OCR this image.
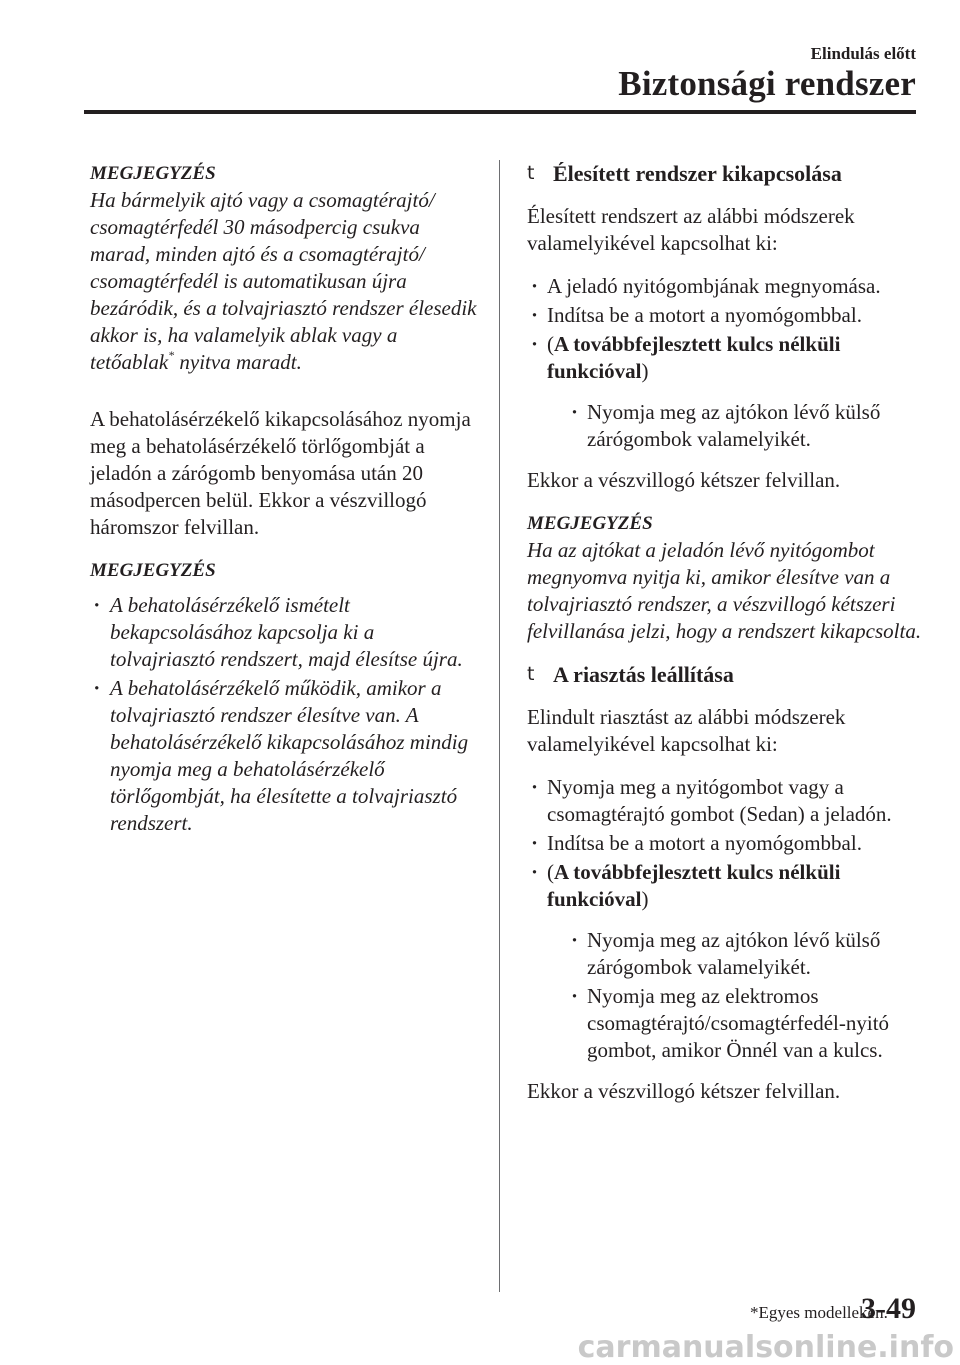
Elindulás előtt
Biztonsági rendszer

MEGJEGYZÉS

Ha bármelyik ajtó vagy a csomagtérajtó/ csomagtérfedél 30 másodpercig csukva marad, minden ajtó és a csomagtérajtó/ csomagtérfedél is automatikusan újra bezáródik, és a tolvajriasztó rendszer élesedik akkor is, ha valamelyik ablak vagy a tetőablak* nyitva maradt.

A behatolásérzékelő kikapcsolásához nyomja meg a behatolásérzékelő törlőgombját a jeladón a zárógomb benyomása után 20 másodpercen belül. Ekkor a vészvillogó háromszor felvillan.

MEGJEGYZÉS

· A behatolásérzékelő ismételt bekapcsolásához kapcsolja ki a tolvajriasztó rendszert, majd élesítse újra.
· A behatolásérzékelő működik, amikor a tolvajriasztó rendszer élesítve van. A behatolásérzékelő kikapcsolásához mindig nyomja meg a behatolásérzékelő törlőgombját, ha élesítette a tolvajriasztó rendszert.

t Élesített rendszer kikapcsolása

Élesített rendszert az alábbi módszerek valamelyikével kapcsolhat ki:

· A jeladó nyitógombjának megnyomása.
· Indítsa be a motort a nyomógombbal.
· (A továbbfejlesztett kulcs nélküli funkcióval)
· Nyomja meg az ajtókon lévő külső zárógombok valamelyikét.

Ekkor a vészvillogó kétszer felvillan.

MEGJEGYZÉS

Ha az ajtókat a jeladón lévő nyitógombot megnyomva nyitja ki, amikor élesítve van a tolvajriasztó rendszer, a vészvillogó kétszeri felvillanása jelzi, hogy a rendszert kikapcsolta.

t A riasztás leállítása

Elindult riasztást az alábbi módszerek valamelyikével kapcsolhat ki:

· Nyomja meg a nyitógombot vagy a csomagtérajtó gombot (Sedan) a jeladón.
· Indítsa be a motort a nyomógombbal.
· (A továbbfejlesztett kulcs nélküli funkcióval)
· Nyomja meg az ajtókon lévő külső zárógombok valamelyikét.
· Nyomja meg az elektromos csomagtérajtó/csomagtérfedél-nyitó gombot, amikor Önnél van a kulcs.

Ekkor a vészvillogó kétszer felvillan.

*Egyes modelleken.
3-49
carmanualsonline.info
